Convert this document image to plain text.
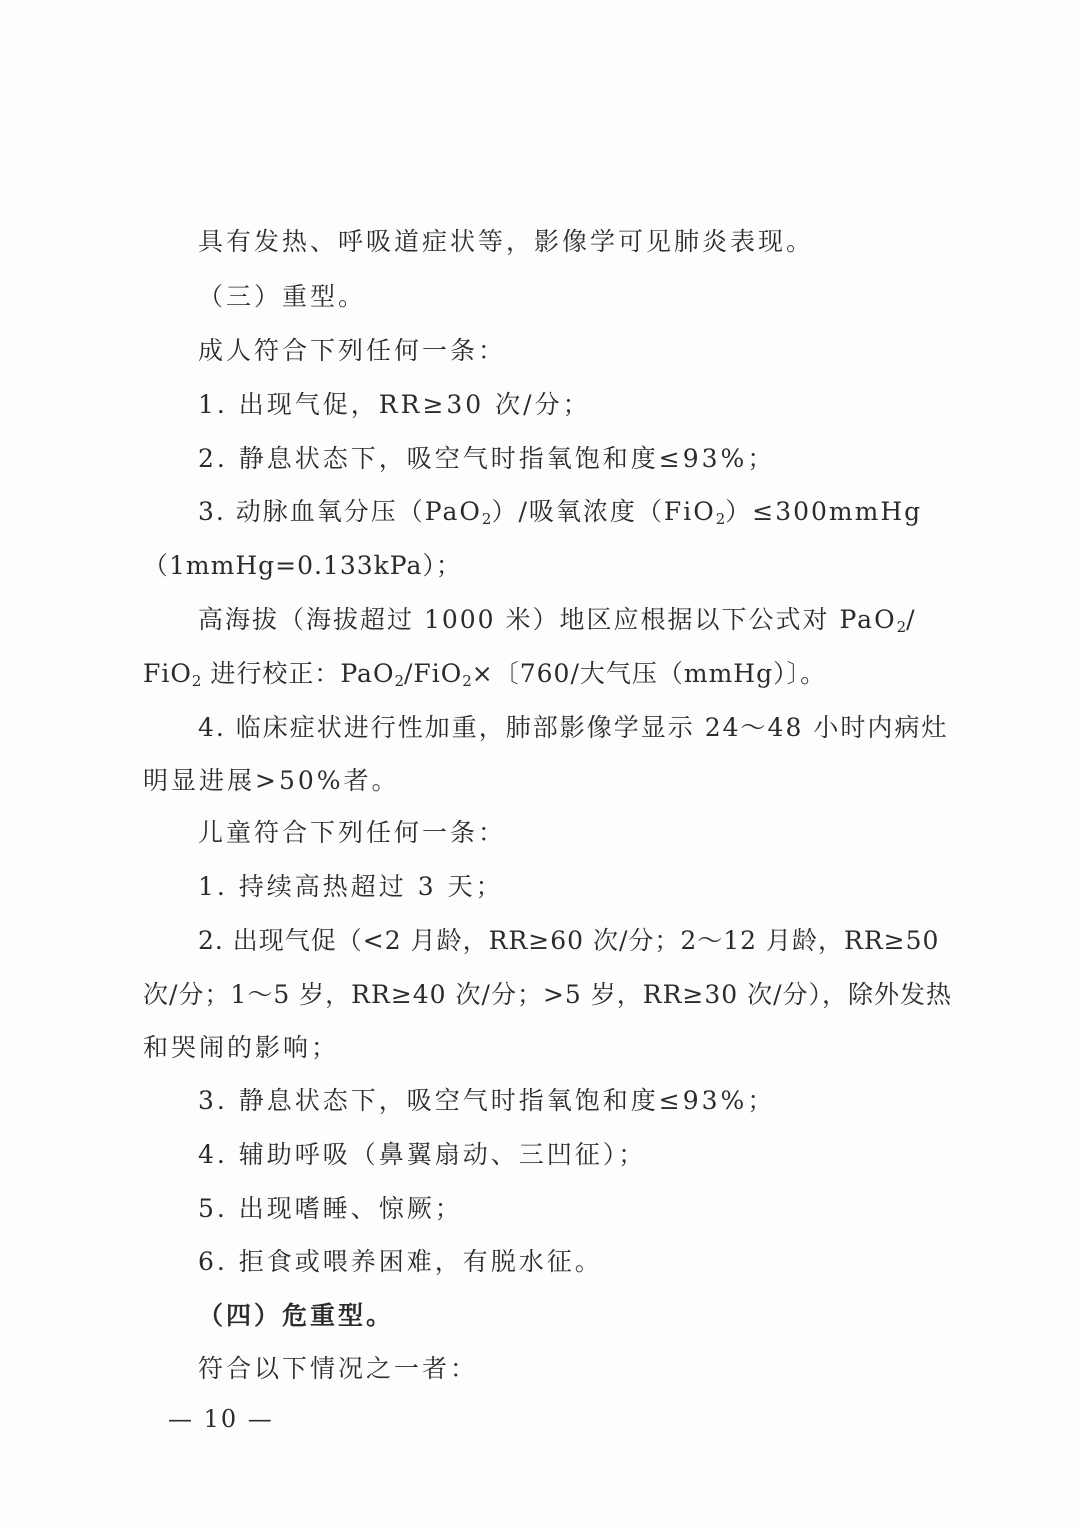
具有发热、呼吸道症状等，影像学可见肺炎表现。
（三）重型。
成人符合下列任何一条：
1. 出现气促，RR≥30 次/分；
2. 静息状态下，吸空气时指氧饱和度≤93%；
3. 动脉血氧分压（PaO$_2$）/吸氧浓度（FiO$_2$）≤300mmHg
（1mmHg=0.133kPa）；
高海拔（海拔超过 1000 米）地区应根据以下公式对 PaO$_2$/
FiO$_2$ 进行校正：PaO$_2$/FiO$_2$×〔760/大气压（mmHg）〕。
4. 临床症状进行性加重，肺部影像学显示 24～48 小时内病灶
明显进展>50%者。
儿童符合下列任何一条：
1. 持续高热超过 3 天；
2. 出现气促（<2 月龄，RR≥60 次/分；2～12 月龄，RR≥50
次/分；1～5 岁，RR≥40 次/分；>5 岁，RR≥30 次/分），除外发热
和哭闹的影响；
3. 静息状态下，吸空气时指氧饱和度≤93%；
4. 辅助呼吸（鼻翼扇动、三凹征）；
5. 出现嗜睡、惊厥；
6. 拒食或喂养困难，有脱水征。
（四）危重型。
符合以下情况之一者：
— 10 —
